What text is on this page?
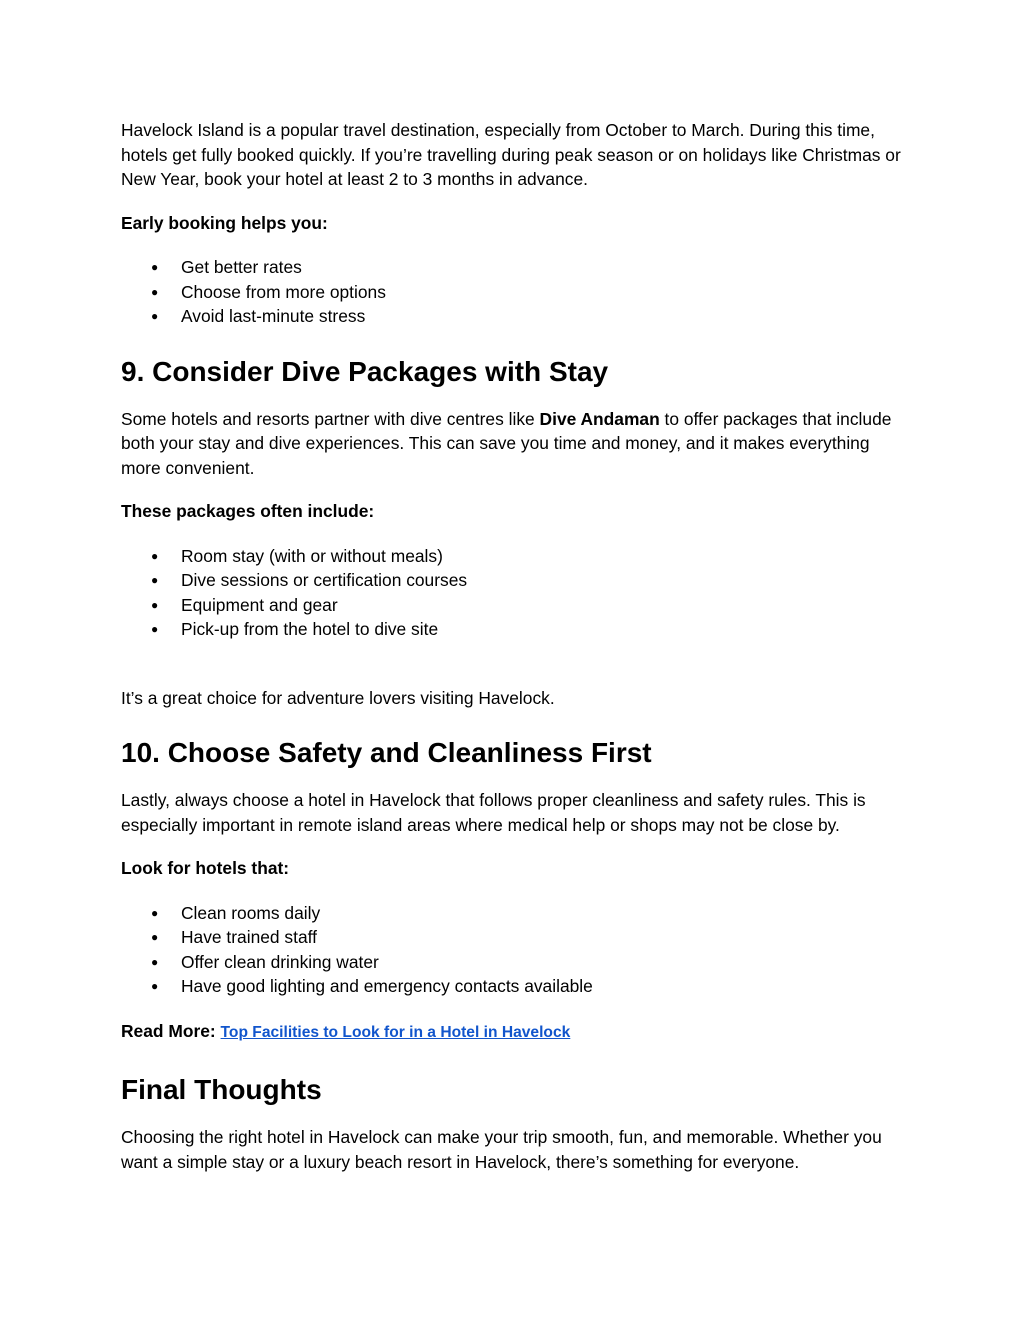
Havelock Island is a popular travel destination, especially from October to March. During this time, hotels get fully booked quickly. If you’re travelling during peak season or on holidays like Christmas or New Year, book your hotel at least 2 to 3 months in advance.

Early booking helps you:

● Get better rates
● Choose from more options
● Avoid last-minute stress
9. Consider Dive Packages with Stay

Some hotels and resorts partner with dive centres like Dive Andaman to offer packages that include both your stay and dive experiences. This can save you time and money, and it makes everything more convenient.

These packages often include:

● Room stay (with or without meals)
● Dive sessions or certification courses
● Equipment and gear
● Pick-up from the hotel to dive site

It’s a great choice for adventure lovers visiting Havelock.

10. Choose Safety and Cleanliness First

Lastly, always choose a hotel in Havelock that follows proper cleanliness and safety rules. This is especially important in remote island areas where medical help or shops may not be close by.

Look for hotels that:

● Clean rooms daily
● Have trained staff
● Offer clean drinking water
● Have good lighting and emergency contacts available

Read More: Top Facilities to Look for in a Hotel in Havelock

Final Thoughts

Choosing the right hotel in Havelock can make your trip smooth, fun, and memorable. Whether you want a simple stay or a luxury beach resort in Havelock, there’s something for everyone.
